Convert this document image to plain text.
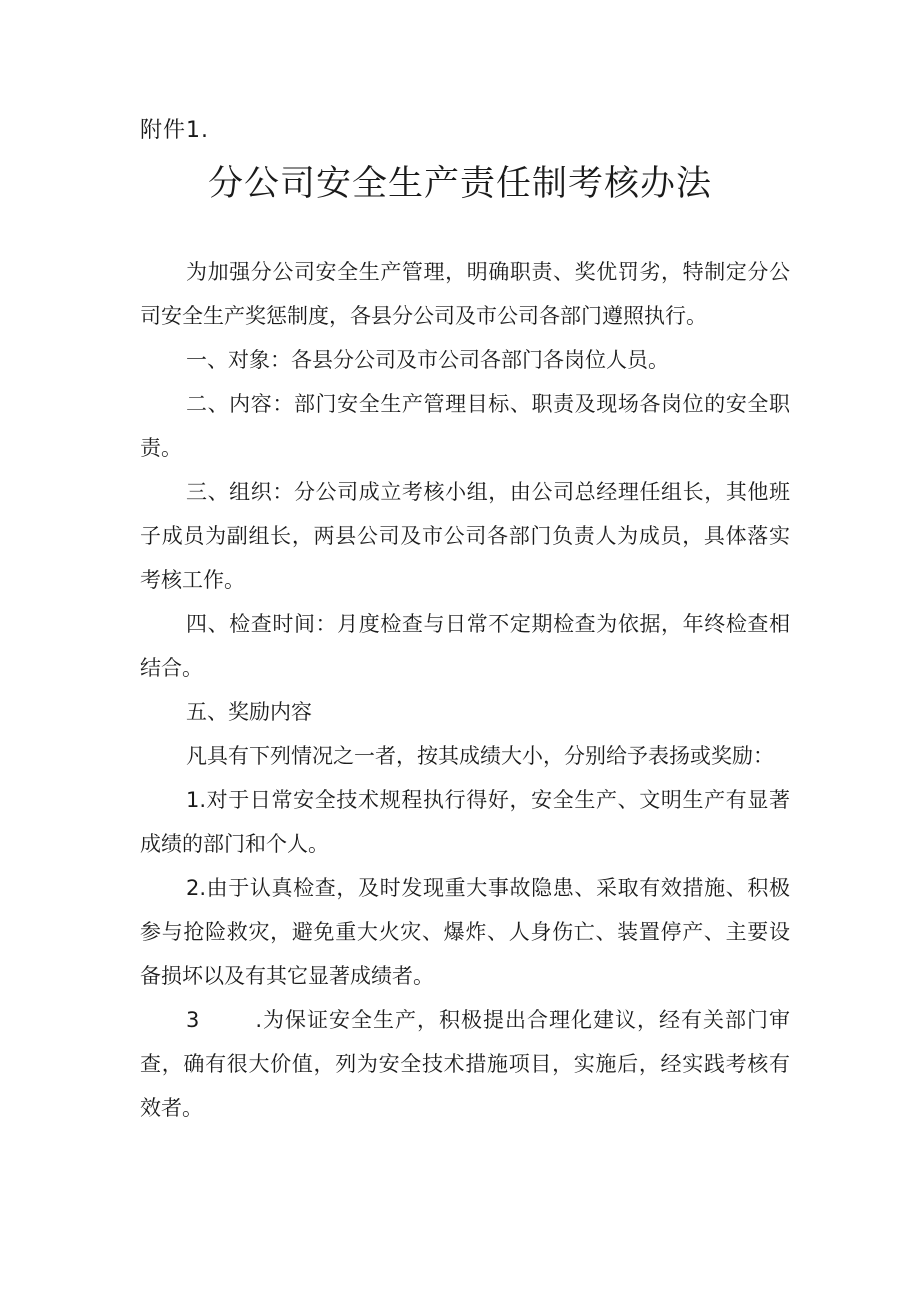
附件1.
分公司安全生产责任制考核办法

为加强分公司安全生产管理，明确职责、奖优罚劣，特制定分公司安全生产奖惩制度，各县分公司及市公司各部门遵照执行。

一、对象：各县分公司及市公司各部门各岗位人员。

二、内容：部门安全生产管理目标、职责及现场各岗位的安全职责。

三、组织：分公司成立考核小组，由公司总经理任组长，其他班子成员为副组长，两县公司及市公司各部门负责人为成员，具体落实考核工作。

四、检查时间：月度检查与日常不定期检查为依据，年终检查相结合。

五、奖励内容

凡具有下列情况之一者，按其成绩大小，分别给予表扬或奖励：

1.对于日常安全技术规程执行得好，安全生产、文明生产有显著成绩的部门和个人。

2.由于认真检查，及时发现重大事故隐患、采取有效措施、积极参与抢险救灾，避免重大火灾、爆炸、人身伤亡、装置停产、主要设备损坏以及有其它显著成绩者。

3	.为保证安全生产，积极提出合理化建议，经有关部门审查，确有很大价值，列为安全技术措施项目，实施后，经实践考核有效者。
